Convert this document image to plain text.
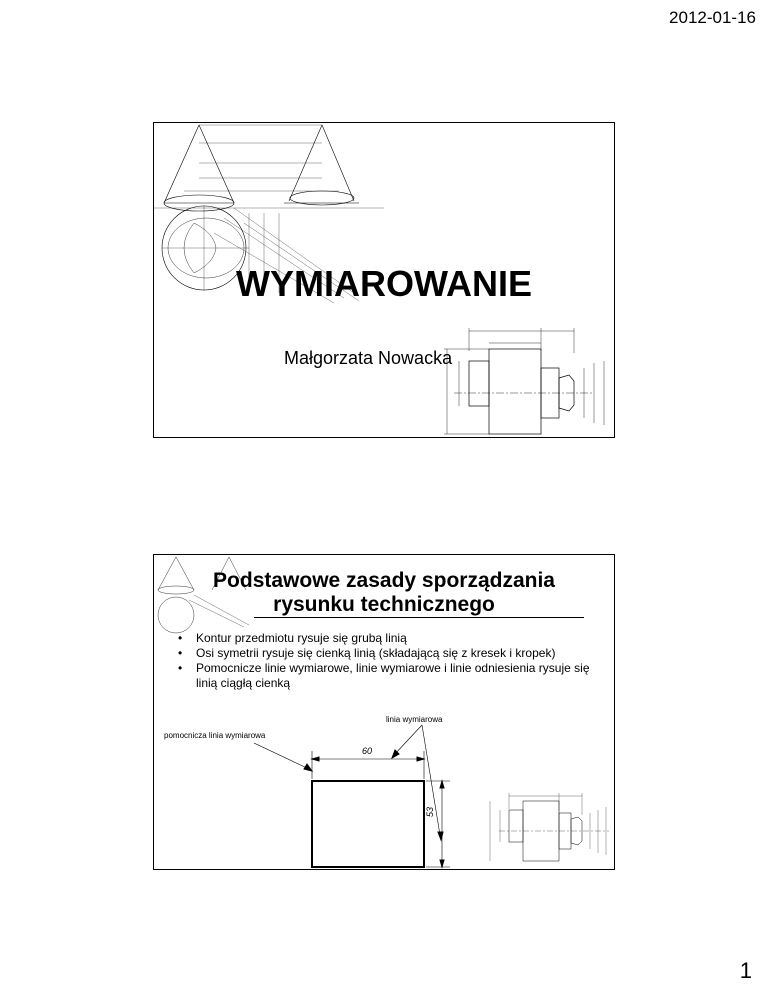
2012-01-16
WYMIAROWANIE
Małgorzata Nowacka
Podstawowe zasady sporządzania
rysunku technicznego
• Kontur przedmiotu rysuje się grubą linią
• Osi symetrii rysuje się cienką linią (składającą się z kresek i kropek)
• Pomocnicze linie wymiarowe, linie wymiarowe i linie odniesienia rysuje się linią ciągłą cienką
linia wymiarowa
pomocnicza linia wymiarowa
60
53
1
